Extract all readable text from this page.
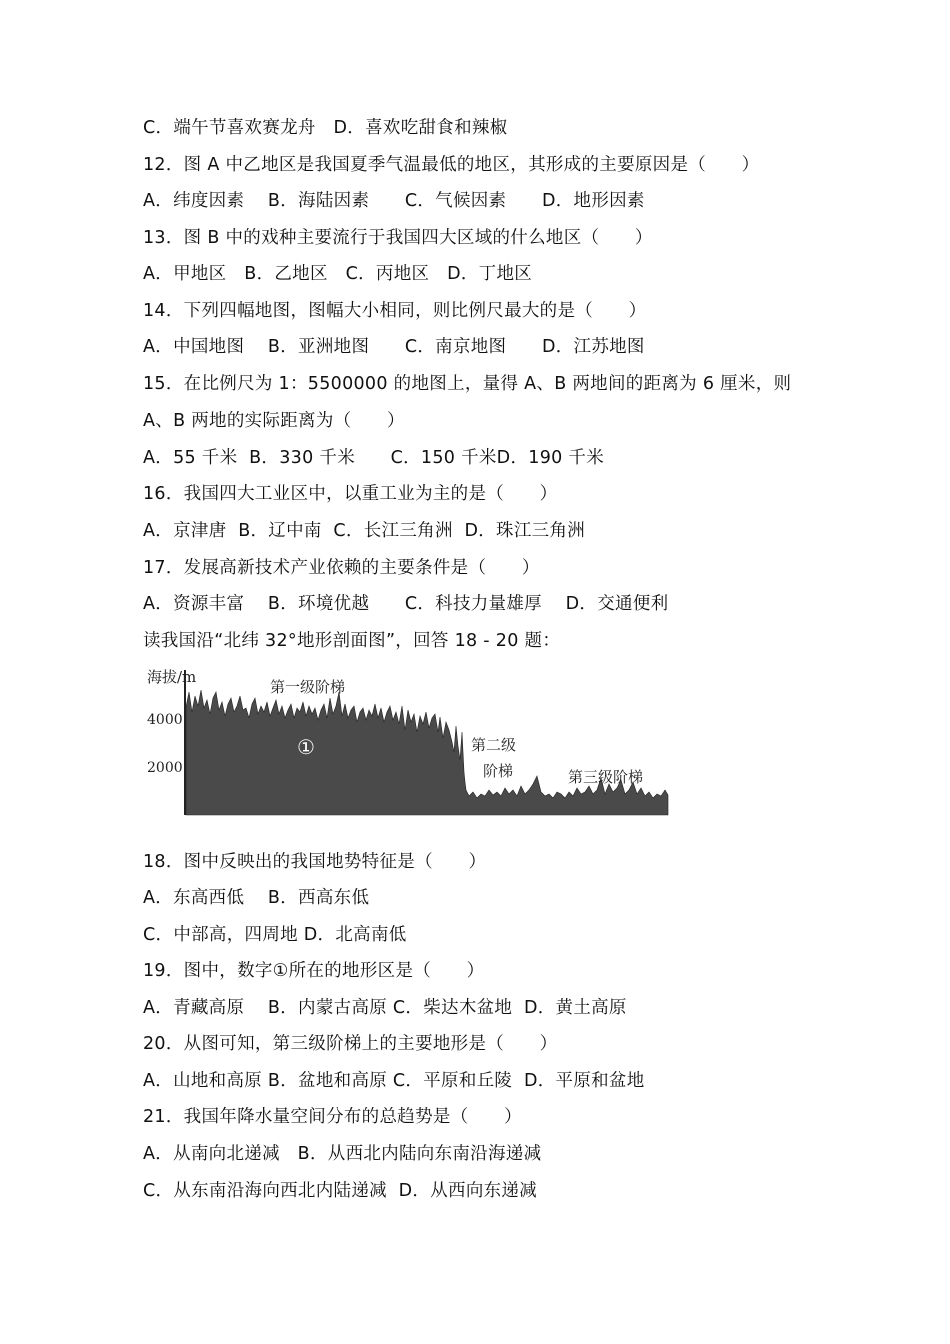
C．端午节喜欢赛龙舟　D．喜欢吃甜食和辣椒
12．图 A 中乙地区是我国夏季气温最低的地区，其形成的主要原因是（　　）
A．纬度因素　 B．海陆因素　　C．气候因素　　D．地形因素
13．图 B 中的戏种主要流行于我国四大区域的什么地区（　　）
A．甲地区　B．乙地区　C．丙地区　D．丁地区
14．下列四幅地图，图幅大小相同，则比例尺最大的是（　　）
A．中国地图　 B．亚洲地图　　C．南京地图　　D．江苏地图
15．在比例尺为 1：5500000 的地图上，量得 A、B 两地间的距离为 6 厘米，则
A、B 两地的实际距离为（　　）
A．55 千米  B．330 千米　　C．150 千米D．190 千米
16．我国四大工业区中，以重工业为主的是（　　）
A．京津唐  B．辽中南  C．长江三角洲  D．珠江三角洲
17．发展高新技术产业依赖的主要条件是（　　）
A．资源丰富　 B．环境优越　　C．科技力量雄厚　 D．交通便利
读我国沿“北纬 32°地形剖面图”，回答 18 - 20 题：
海拔/m
4000
2000
第一级阶梯
第二级
阶梯	第三级阶梯
①
18．图中反映出的我国地势特征是（　　）
A．东高西低　 B．西高东低
C．中部高，四周地 D．北高南低
19．图中，数字①所在的地形区是（　　）
A．青藏高原　 B．内蒙古高原 C．柴达木盆地  D．黄土高原
20．从图可知，第三级阶梯上的主要地形是（　　）
A．山地和高原 B．盆地和高原 C．平原和丘陵  D．平原和盆地
21．我国年降水量空间分布的总趋势是（　　）
A．从南向北递减　B．从西北内陆向东南沿海递减
C．从东南沿海向西北内陆递减  D．从西向东递减
